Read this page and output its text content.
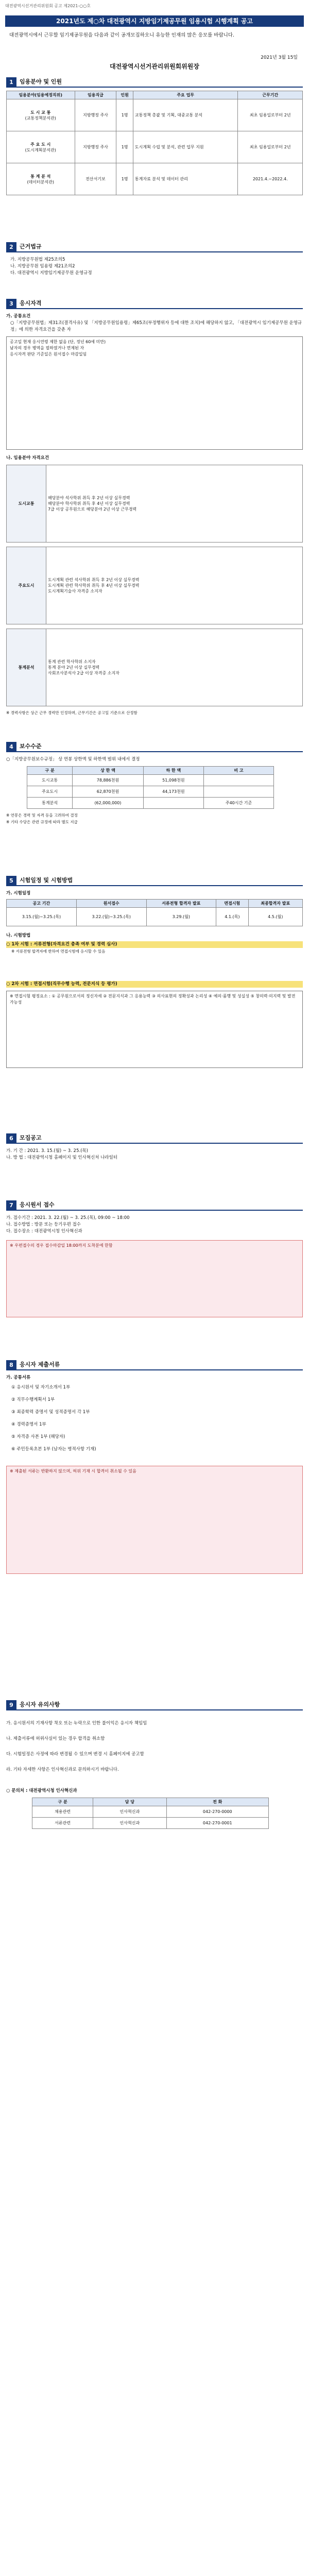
대전광역시선거관리위원회 공고 제2021-○○호
2021년도 제○차 대전광역시 지방임기제공무원 임용시험 시행계획 공고
대전광역시에서 근무할 임기제공무원을 다음과 같이 공개모집하오니 유능한 인재의 많은 응모를 바랍니다.
2021년 3월 15일
대전광역시선거관리위원회위원장
1	임용분야 및 인원
임용분야(임용예정직위)	임용직급	인원	주요 업무	근무기간

도 시 교 통
(교통정책분석관)	지방행정 주사	1명	교통정책 총괄 및 기획, 대중교통 분석	최초 임용일로부터 2년

주 요 도 시
(도시계획분석관)	지방행정 주사	1명	도시계획 수립 및 분석, 관련 업무 지원	최초 임용일로부터 2년

통 계 분 석
(데이터분석관)	전산서기보	1명	통계자료 분석 및 데이터 관리	2021.4.~2022.4.
2	근거법규
가. 지방공무원법 제25조의5
나. 지방공무원 임용령 제21조의2
다. 대전광역시 지방임기제공무원 운영규정
3	응시자격
가. 공통요건
○「지방공무원법」제31조(결격사유) 및 「지방공무원임용령」제65조(부정행위자 등에 대한 조치)에 해당하지 않고, 「대전광역시 임기제공무원 운영규정」에 의한 자격요건을 갖춘 자
공고일 현재 응시연령 제한 없음 (단, 정년 60세 미만)
남자의 경우 병역을 필하였거나 면제된 자
응시자격 판단 기준일은 원서접수 마감일임
나. 임용분야 자격요건
도시교통	
해당분야 석사학위 취득 후 2년 이상 실무경력
해당분야 학사학위 취득 후 4년 이상 실무경력
7급 이상 공무원으로 해당분야 2년 이상 근무경력
주요도시	
도시계획 관련 석사학위 취득 후 2년 이상 실무경력
도시계획 관련 학사학위 취득 후 4년 이상 실무경력
도시계획기술사 자격증 소지자
통계분석	
통계 관련 학사학위 소지자
통계 분야 2년 이상 실무경력
사회조사분석사 2급 이상 자격증 소지자
※ 경력사항은 상근 근무 경력만 인정하며, 근무기간은 공고일 기준으로 산정함
4	보수수준
○「지방공무원보수규정」 상 연봉 상한액 및 하한액 범위 내에서 결정
구 분	상 한 액	하 한 액	비 고
도시교통	78,886천원	51,098천원	
주요도시	62,870천원	44,173천원	
통계분석	(62,000,000)		주40시간 기준
※ 연봉은 경력 및 자격 등을 고려하여 결정
※ 기타 수당은 관련 규정에 따라 별도 지급
5	시험일정 및 시험방법
가. 시험일정
공고 기간	원서접수	서류전형 합격자 발표	면접시험	최종합격자 발표
3.15.(월)~3.25.(목)	3.22.(월)~3.25.(목)	3.29.(월)	4.1.(목)	4.5.(월)
나. 시험방법
○ 1차 시험 : 서류전형(자격요건 충족 여부 및 경력 심사)
※ 서류전형 합격자에 한하여 면접시험에 응시할 수 있음
○ 2차 시험 : 면접시험(직무수행 능력, 전문지식 등 평가)
※ 면접시험 평정요소 : ① 공무원으로서의 정신자세 ② 전문지식과 그 응용능력 ③ 의사표현의 정확성과 논리성 ④ 예의·품행 및 성실성 ⑤ 창의력·의지력 및 발전가능성
6	모집공고
가. 기 간 : 2021. 3. 15.(월) ~ 3. 25.(목)
나. 방 법 : 대전광역시청 홈페이지 및 인사혁신처 나라일터
7	응시원서 접수
가. 접수기간 : 2021. 3. 22.(월) ~ 3. 25.(목), 09:00 ~ 18:00
나. 접수방법 : 방문 또는 등기우편 접수
다. 접수장소 : 대전광역시청 인사혁신과
※ 우편접수의 경우 접수마감일 18:00까지 도착분에 한함
8	응시자 제출서류
가. 공통서류
① 응시원서 및 자기소개서 1부
② 직무수행계획서 1부
③ 최종학력 증명서 및 성적증명서 각 1부
④ 경력증명서 1부
⑤ 자격증 사본 1부 (해당자)
⑥ 주민등록초본 1부 (남자는 병적사항 기재)
※ 제출된 서류는 반환하지 않으며, 허위 기재 시 합격이 취소될 수 있음
9	응시자 유의사항
가. 응시원서의 기재사항 착오 또는 누락으로 인한 불이익은 응시자 책임임
나. 제출서류에 허위사실이 있는 경우 합격을 취소함
다. 시험일정은 사정에 따라 변경될 수 있으며 변경 시 홈페이지에 공고함
라. 기타 자세한 사항은 인사혁신과로 문의하시기 바랍니다.
○ 문의처 : 대전광역시청 인사혁신과
구 분	담 당	전 화
채용관련	인사혁신과	042-270-0000
서류관련	인사혁신과	042-270-0001
